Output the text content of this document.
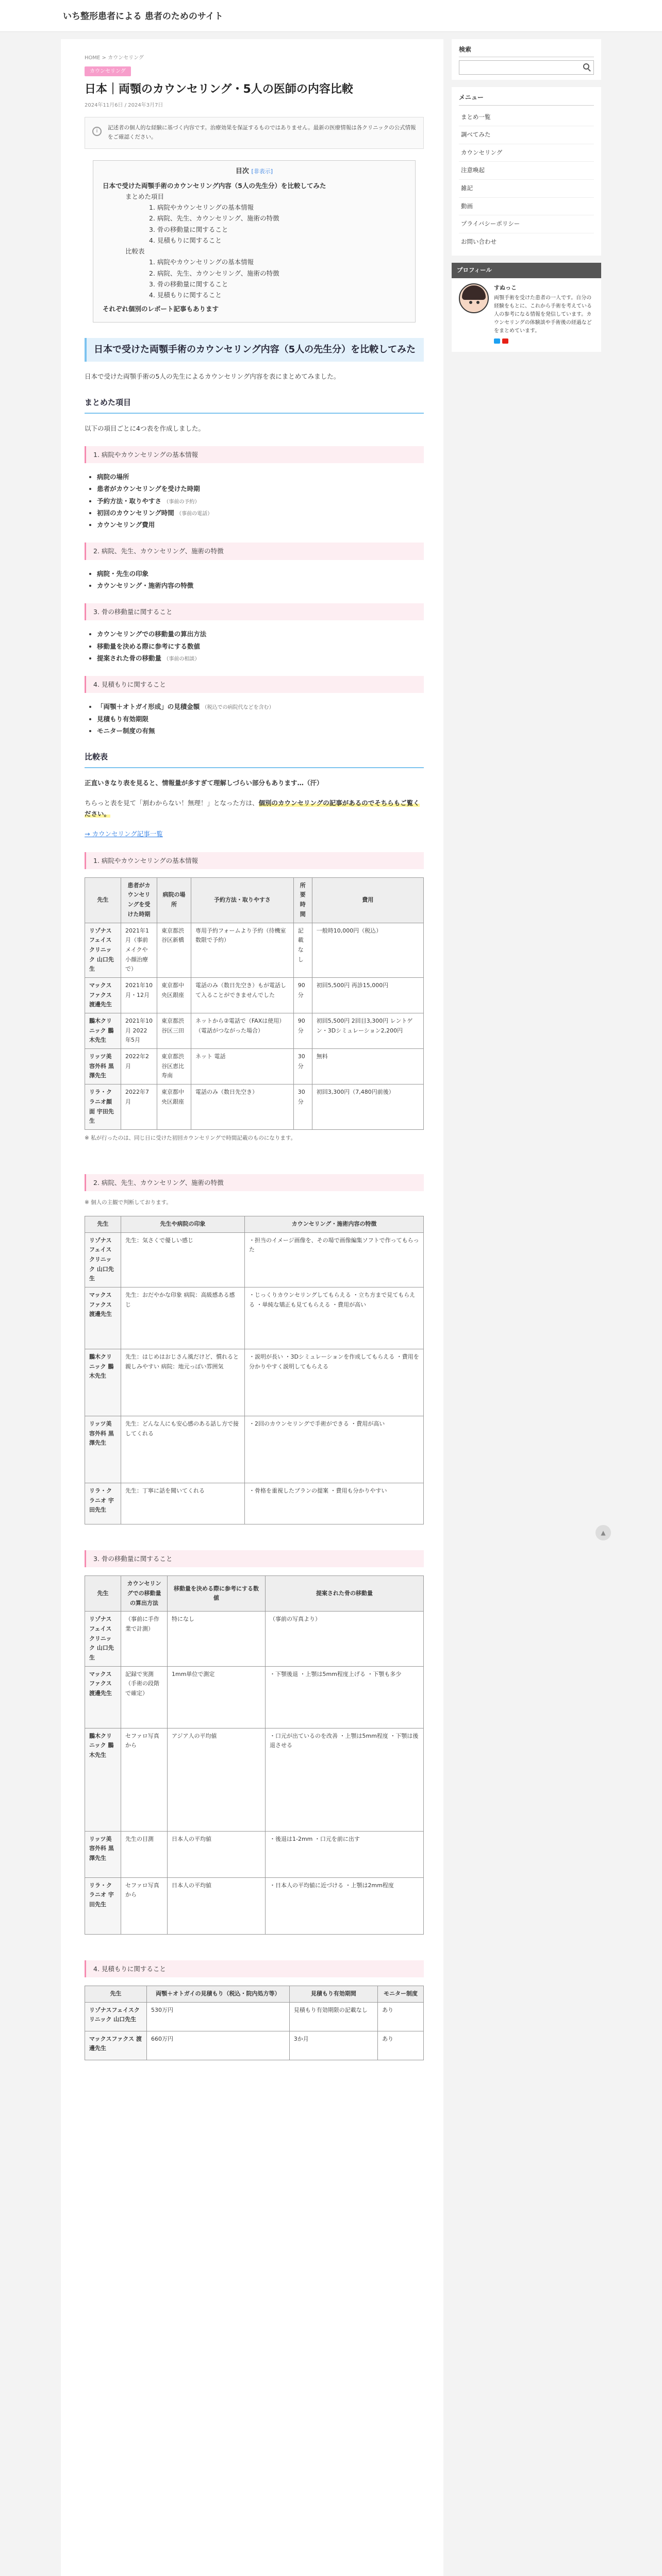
いち整形患者による 患者のためのサイト
HOME > カウンセリング
カウンセリング
日本｜両顎のカウンセリング・5人の医師の内容比較
2024年11月6日 / 2024年3月7日
i
記述者の個人的な経験に基づく内容です。治療効果を保証するものではありません。最新の医療情報は各クリニックの公式情報をご確認ください。
目次 [非表示]
日本で受けた両顎手術のカウンセリング内容（5人の先生分）を比較してみた
まとめた項目
1. 病院やカウンセリングの基本情報
2. 病院、先生、カウンセリング、施術の特徴
3. 骨の移動量に関すること
4. 見積もりに関すること
比較表
1. 病院やカウンセリングの基本情報
2. 病院、先生、カウンセリング、施術の特徴
3. 骨の移動量に関すること
4. 見積もりに関すること
それぞれ個別のレポート記事もあります
日本で受けた両顎手術のカウンセリング内容（5人の先生分）を比較してみた

日本で受けた両顎手術の5人の先生によるカウンセリング内容を表にまとめてみました。

まとめた項目

以下の項目ごとに4つ表を作成しました。

1. 病院やカウンセリングの基本情報
• 病院の場所
• 患者がカウンセリングを受けた時期
• 予約方法・取りやすさ （事前の予約）
• 初回のカウンセリング時間 （事前の電話）
• カウンセリング費用
2. 病院、先生、カウンセリング、施術の特徴
• 病院・先生の印象
• カウンセリング・施術内容の特徴
3. 骨の移動量に関すること
• カウンセリングでの移動量の算出方法
• 移動量を決める際に参考にする数値
• 提案された骨の移動量 （事前の相談）
4. 見積もりに関すること
• 「両顎＋オトガイ形成」の見積金額 （税込での病院代などを含む）
• 見積もり有効期限
• モニター制度の有無
比較表

正直いきなり表を見ると、情報量が多すぎて理解しづらい部分もあります…（汗）

ちらっと表を見て「割わからない！無理！」となった方は、個別のカウンセリングの記事があるのでそちらもご覧ください。

→ カウンセリング記事一覧

1. 病院やカウンセリングの基本情報
先生	患者がカウンセリングを受けた時期	病院の場所	予約方法・取りやすさ	所要時間	費用
リゾナスフェイスクリニック 山口先生	2021年1月（事前メイクや小顔治療で）	東京都渋谷区新橋	専用予約フォームより予約（待機室数限で予約）	記載なし	一般時10,000円（税込）
マックスファクス 渡邊先生	2021年10月・12月	東京都中央区銀座	電話のみ（数日先空き）もが電話して入ることができませんでした	90分	初回5,500円 再診15,000円
鵬木クリニック 鵬木先生	2021年10月 2022年5月	東京都渋谷区三田	ネットから②電話で（FAXは使用）（電話がつながった場合）	90分	初回5,500円 2回目3,300円 レントゲン・3Dシミュレーション2,200円
リッツ美容外科 黒澤先生	2022年2月	東京都渋谷区恵比寿南	ネット 電話	30分	無料
リラ・クラニオ顔面 宇田先生	2022年7月	東京都中央区銀座	電話のみ（数日先空き）	30分	初回3,300円（7,480円前後）

※ 私が行ったのは、同じ日に受けた初回カウンセリングで時間記載のものになります。

2. 病院、先生、カウンセリング、施術の特徴

※ 個人の主観で判断しております。

先生	先生や病院の印象	カウンセリング・施術内容の特徴
リゾナスフェイスクリニック 山口先生	先生：気さくで優しい感じ	・担当のイメージ画像を、その場で画像編集ソフトで作ってもらった
マックスファクス 渡邊先生	先生：おだやかな印象 病院：高級感ある感じ	・じっくりカウンセリングしてもらえる ・立ち方まで見てもらえる ・単純な矯正も見てもらえる ・費用が高い
鵬木クリニック 鵬木先生	先生：はじめはおじさん風だけど、慣れると親しみやすい 病院：地元っぽい雰囲気	・説明が長い ・3Dシミュレーションを作成してもらえる ・費用を分かりやすく説明してもらえる
リッツ美容外科 黒澤先生	先生：どんな人にも安心感のある話し方で接してくれる	・2回のカウンセリングで手術ができる ・費用が高い
リラ・クラニオ 宇田先生	先生：丁寧に話を聞いてくれる	・骨格を重視したプランの提案 ・費用も分かりやすい
3. 骨の移動量に関すること
先生	カウンセリングでの移動量の算出方法	移動量を決める際に参考にする数値	提案された骨の移動量
リゾナスフェイスクリニック 山口先生	（事前に手作業で計測）	特になし	（事前の写真より）
マックスファクス 渡邊先生	記録で実測（手術の段階で確定）	1mm単位で測定	・下顎後退 ・上顎は5mm程度上げる ・下顎も多少
鵬木クリニック 鵬木先生	セファロ写真から	アジア人の平均値	・口元が出ているのを改善 ・上顎は5mm程度 ・下顎は後退させる
リッツ美容外科 黒澤先生	先生の目測	日本人の平均値	・後退は1-2mm ・口元を前に出す
リラ・クラニオ 宇田先生	セファロ写真から	日本人の平均値	・日本人の平均値に近づける ・上顎は2mm程度
4. 見積もりに関すること
先生	両顎＋オトガイの見積もり（税込・院内処方等）	見積もり有効期間	モニター制度
リゾナスフェイスクリニック 山口先生	530万円	見積もり有効期限の記載なし	あり
マックスファクス 渡邊先生	660万円	3か月	あり
検索
メニュー
まとめ一覧
調べてみた
カウンセリング
注意喚起
雑記
動画
プライバシーポリシー
お問い合わせ
プロフィール
すぬっこ
両顎手術を受けた患者の一人です。自分の経験をもとに、これから手術を考えている人の参考になる情報を発信しています。カウンセリングの体験談や手術後の経過などをまとめています。
▲
